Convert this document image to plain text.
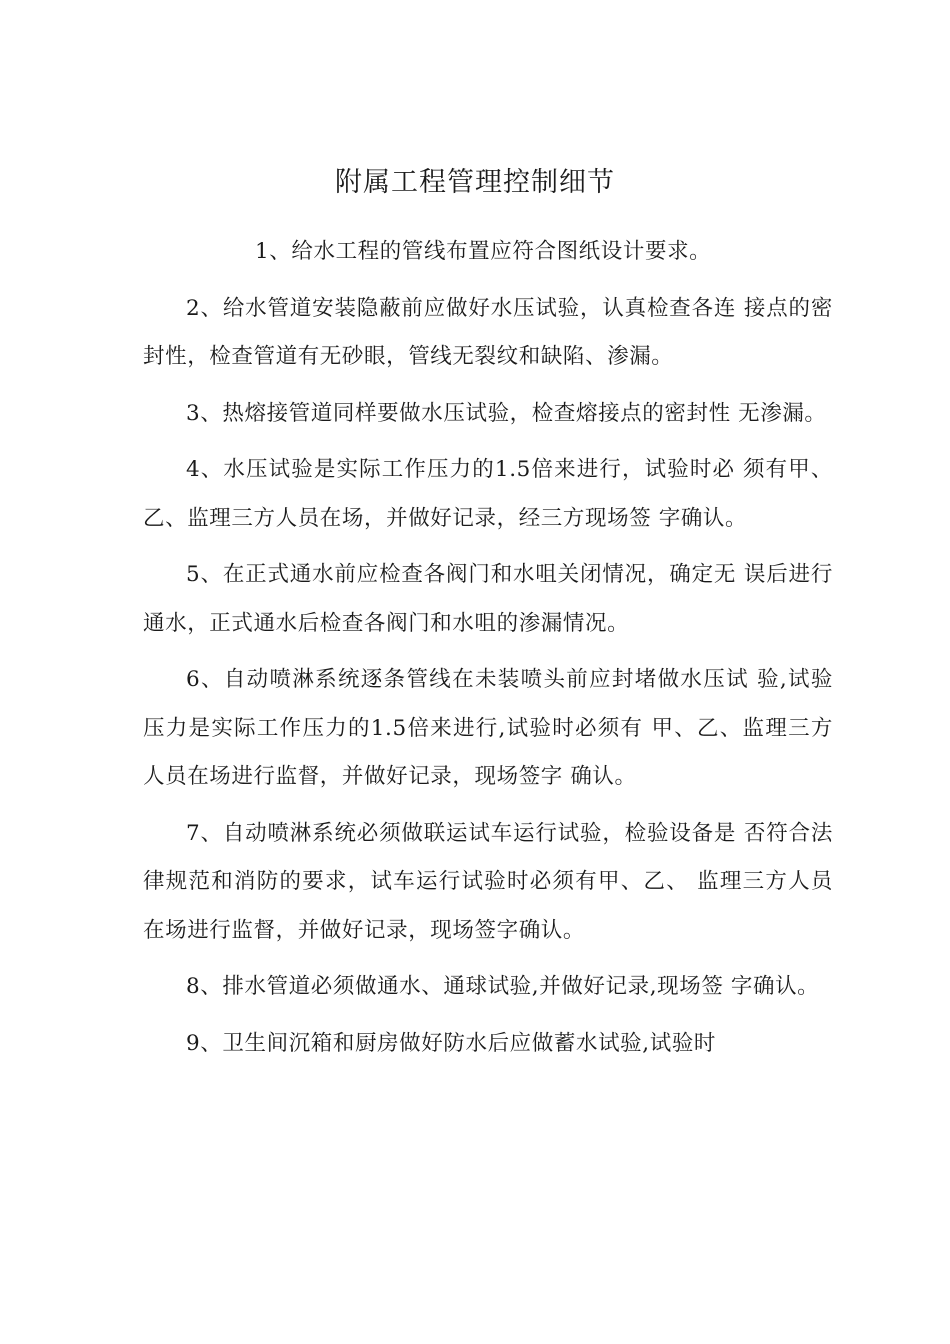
附属工程管理控制细节

1、给水工程的管线布置应符合图纸设计要求。

2、给水管道安装隐蔽前应做好水压试验，认真检查各连 接点的密封性，检查管道有无砂眼，管线无裂纹和缺陷、渗漏。

3、热熔接管道同样要做水压试验，检查熔接点的密封性 无渗漏。

4、水压试验是实际工作压力的1.5倍来进行，试验时必 须有甲、乙、监理三方人员在场，并做好记录，经三方现场签 字确认。

5、在正式通水前应检查各阀门和水咀关闭情况，确定无 误后进行通水，正式通水后检查各阀门和水咀的渗漏情况。

6、自动喷淋系统逐条管线在未装喷头前应封堵做水压试 验,试验压力是实际工作压力的1.5倍来进行,试验时必须有 甲、乙、监理三方人员在场进行监督，并做好记录，现场签字 确认。

7、自动喷淋系统必须做联运试车运行试验，检验设备是 否符合法律规范和消防的要求，试车运行试验时必须有甲、乙、 监理三方人员在场进行监督，并做好记录，现场签字确认。

8、排水管道必须做通水、通球试验,并做好记录,现场签 字确认。

9、卫生间沉箱和厨房做好防水后应做蓄水试验,试验时
